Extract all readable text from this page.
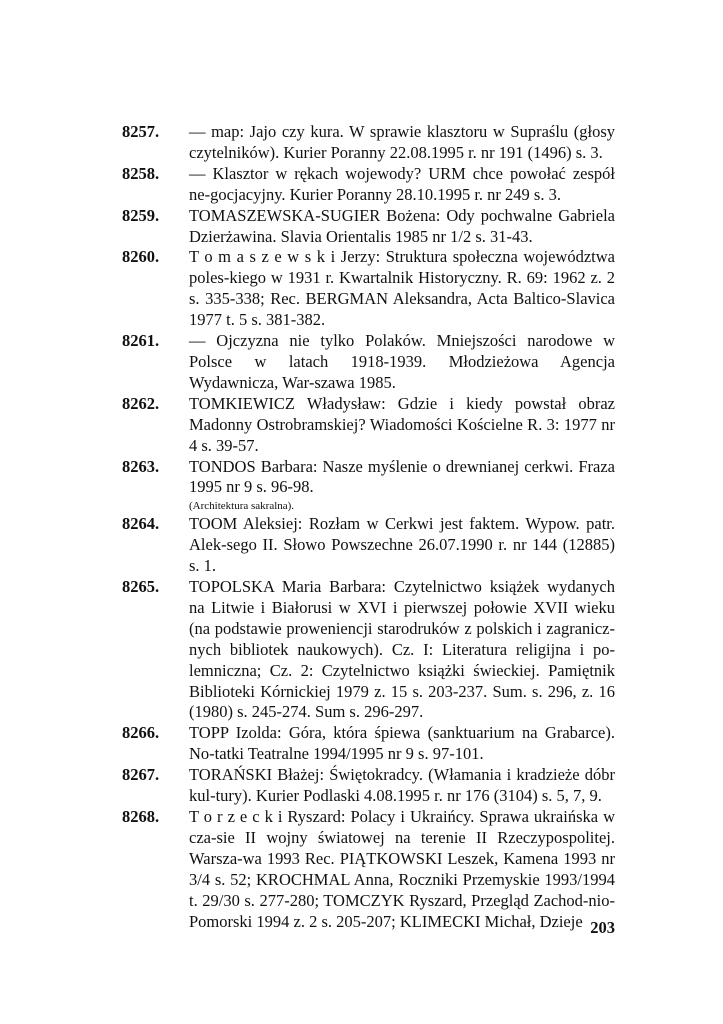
8257. — map: Jajo czy kura. W sprawie klasztoru w Supraślu (głosy czytelników). Kurier Poranny 22.08.1995 r. nr 191 (1496) s. 3.
8258. — Klasztor w rękach wojewody? URM chce powołać zespół ne-gocjacyjny. Kurier Poranny 28.10.1995 r. nr 249 s. 3.
8259. TOMASZEWSKA-SUGIER Bożena: Ody pochwalne Gabriela Dzierżawina. Slavia Orientalis 1985 nr 1/2 s. 31-43.
8260. T o m a s z e w s k i Jerzy: Struktura społeczna województwa poles-kiego w 1931 r. Kwartalnik Historyczny. R. 69: 1962 z. 2 s. 335-338; Rec. BERGMAN Aleksandra, Acta Baltico-Slavica 1977 t. 5 s. 381-382.
8261. — Ojczyzna nie tylko Polaków. Mniejszości narodowe w Polsce w latach 1918-1939. Młodzieżowa Agencja Wydawnicza, War-szawa 1985.
8262. TOMKIEWICZ Władysław: Gdzie i kiedy powstał obraz Madonny Ostrobramskiej? Wiadomości Kościelne R. 3: 1977 nr 4 s. 39-57.
8263. TONDOS Barbara: Nasze myślenie o drewnianej cerkwi. Fraza 1995 nr 9 s. 96-98.
(Architektura sakralna).
8264. TOOM Aleksiej: Rozłam w Cerkwi jest faktem. Wypow. patr. Alek-sego II. Słowo Powszechne 26.07.1990 r. nr 144 (12885) s. 1.
8265. TOPOLSKA Maria Barbara: Czytelnictwo książek wydanych na Litwie i Białorusi w XVI i pierwszej połowie XVII wieku (na podstawie proweniencji starodruków z polskich i zagranicz-nych bibliotek naukowych). Cz. I: Literatura religijna i po-lemniczna; Cz. 2: Czytelnictwo książki świeckiej. Pamiętnik Biblioteki Kórnickiej 1979 z. 15 s. 203-237. Sum. s. 296, z. 16 (1980) s. 245-274. Sum s. 296-297.
8266. TOPP Izolda: Góra, która śpiewa (sanktuarium na Grabarce). No-tatki Teatralne 1994/1995 nr 9 s. 97-101.
8267. TORAŃSKI Błażej: Świętokradcy. (Włamania i kradzieże dóbr kul-tury). Kurier Podlaski 4.08.1995 r. nr 176 (3104) s. 5, 7, 9.
8268. T o r z e c k i Ryszard: Polacy i Ukraińcy. Sprawa ukraińska w cza-sie II wojny światowej na terenie II Rzeczypospolitej. Warsza-wa 1993 Rec. PIĄTKOWSKI Leszek, Kamena 1993 nr 3/4 s. 52; KROCHMAL Anna, Roczniki Przemyskie 1993/1994 t. 29/30 s. 277-280; TOMCZYK Ryszard, Przegląd Zachod-nio-Pomorski 1994 z. 2 s. 205-207; KLIMECKI Michał, Dzieje 203
